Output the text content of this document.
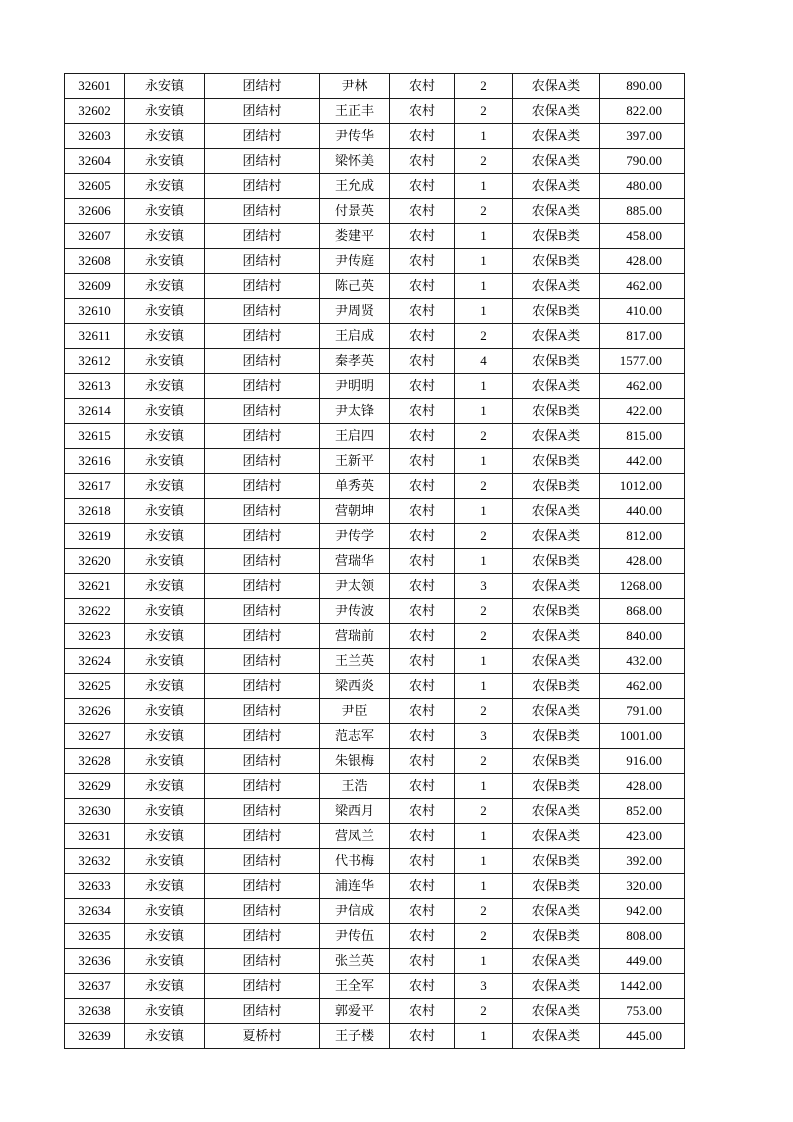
32601	永安镇	团结村	尹林	农村	2	农保A类	890.00
32602	永安镇	团结村	王正丰	农村	2	农保A类	822.00
32603	永安镇	团结村	尹传华	农村	1	农保A类	397.00
32604	永安镇	团结村	梁怀美	农村	2	农保A类	790.00
32605	永安镇	团结村	王允成	农村	1	农保A类	480.00
32606	永安镇	团结村	付景英	农村	2	农保A类	885.00
32607	永安镇	团结村	娄建平	农村	1	农保B类	458.00
32608	永安镇	团结村	尹传庭	农村	1	农保B类	428.00
32609	永安镇	团结村	陈己英	农村	1	农保A类	462.00
32610	永安镇	团结村	尹周贤	农村	1	农保B类	410.00
32611	永安镇	团结村	王启成	农村	2	农保A类	817.00
32612	永安镇	团结村	秦孝英	农村	4	农保B类	1577.00
32613	永安镇	团结村	尹明明	农村	1	农保A类	462.00
32614	永安镇	团结村	尹太锋	农村	1	农保B类	422.00
32615	永安镇	团结村	王启四	农村	2	农保A类	815.00
32616	永安镇	团结村	王新平	农村	1	农保B类	442.00
32617	永安镇	团结村	单秀英	农村	2	农保B类	1012.00
32618	永安镇	团结村	营朝坤	农村	1	农保A类	440.00
32619	永安镇	团结村	尹传学	农村	2	农保A类	812.00
32620	永安镇	团结村	营瑞华	农村	1	农保B类	428.00
32621	永安镇	团结村	尹太领	农村	3	农保A类	1268.00
32622	永安镇	团结村	尹传波	农村	2	农保B类	868.00
32623	永安镇	团结村	营瑞前	农村	2	农保A类	840.00
32624	永安镇	团结村	王兰英	农村	1	农保A类	432.00
32625	永安镇	团结村	梁西炎	农村	1	农保B类	462.00
32626	永安镇	团结村	尹臣	农村	2	农保A类	791.00
32627	永安镇	团结村	范志军	农村	3	农保B类	1001.00
32628	永安镇	团结村	朱银梅	农村	2	农保B类	916.00
32629	永安镇	团结村	王浩	农村	1	农保B类	428.00
32630	永安镇	团结村	梁西月	农村	2	农保A类	852.00
32631	永安镇	团结村	营凤兰	农村	1	农保A类	423.00
32632	永安镇	团结村	代书梅	农村	1	农保B类	392.00
32633	永安镇	团结村	浦连华	农村	1	农保B类	320.00
32634	永安镇	团结村	尹信成	农村	2	农保A类	942.00
32635	永安镇	团结村	尹传伍	农村	2	农保B类	808.00
32636	永安镇	团结村	张兰英	农村	1	农保A类	449.00
32637	永安镇	团结村	王全军	农村	3	农保A类	1442.00
32638	永安镇	团结村	郭爱平	农村	2	农保A类	753.00
32639	永安镇	夏桥村	王子楼	农村	1	农保A类	445.00
